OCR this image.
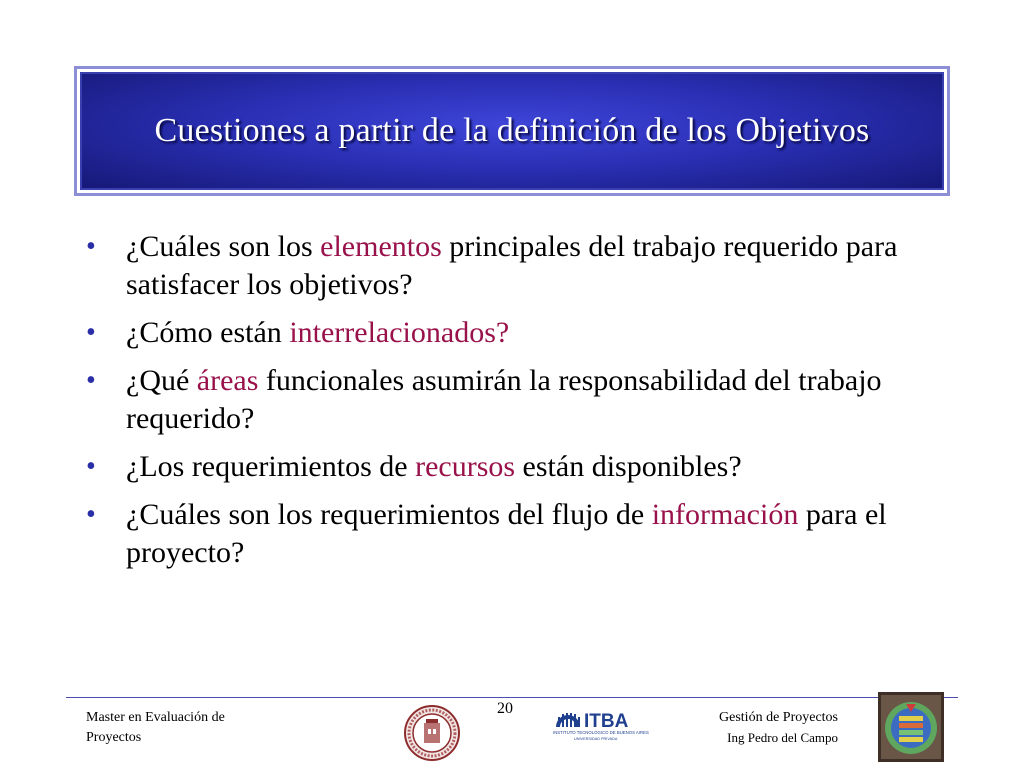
Cuestiones a partir de la definición de los Objetivos
• ¿Cuáles son los elementos principales del trabajo requerido para satisfacer los objetivos?
• ¿Cómo están interrelacionados?
• ¿Qué áreas funcionales asumirán la responsabilidad del trabajo requerido?
• ¿Los requerimientos de recursos están disponibles?
• ¿Cuáles son los requerimientos del flujo de información para el proyecto?
Master en Evaluación de
Proyectos
20
ITBA
INSTITUTO TECNOLÓGICO DE BUENOS AIRES
UNIVERSIDAD PRIVADA
Gestión de Proyectos
Ing Pedro del Campo
